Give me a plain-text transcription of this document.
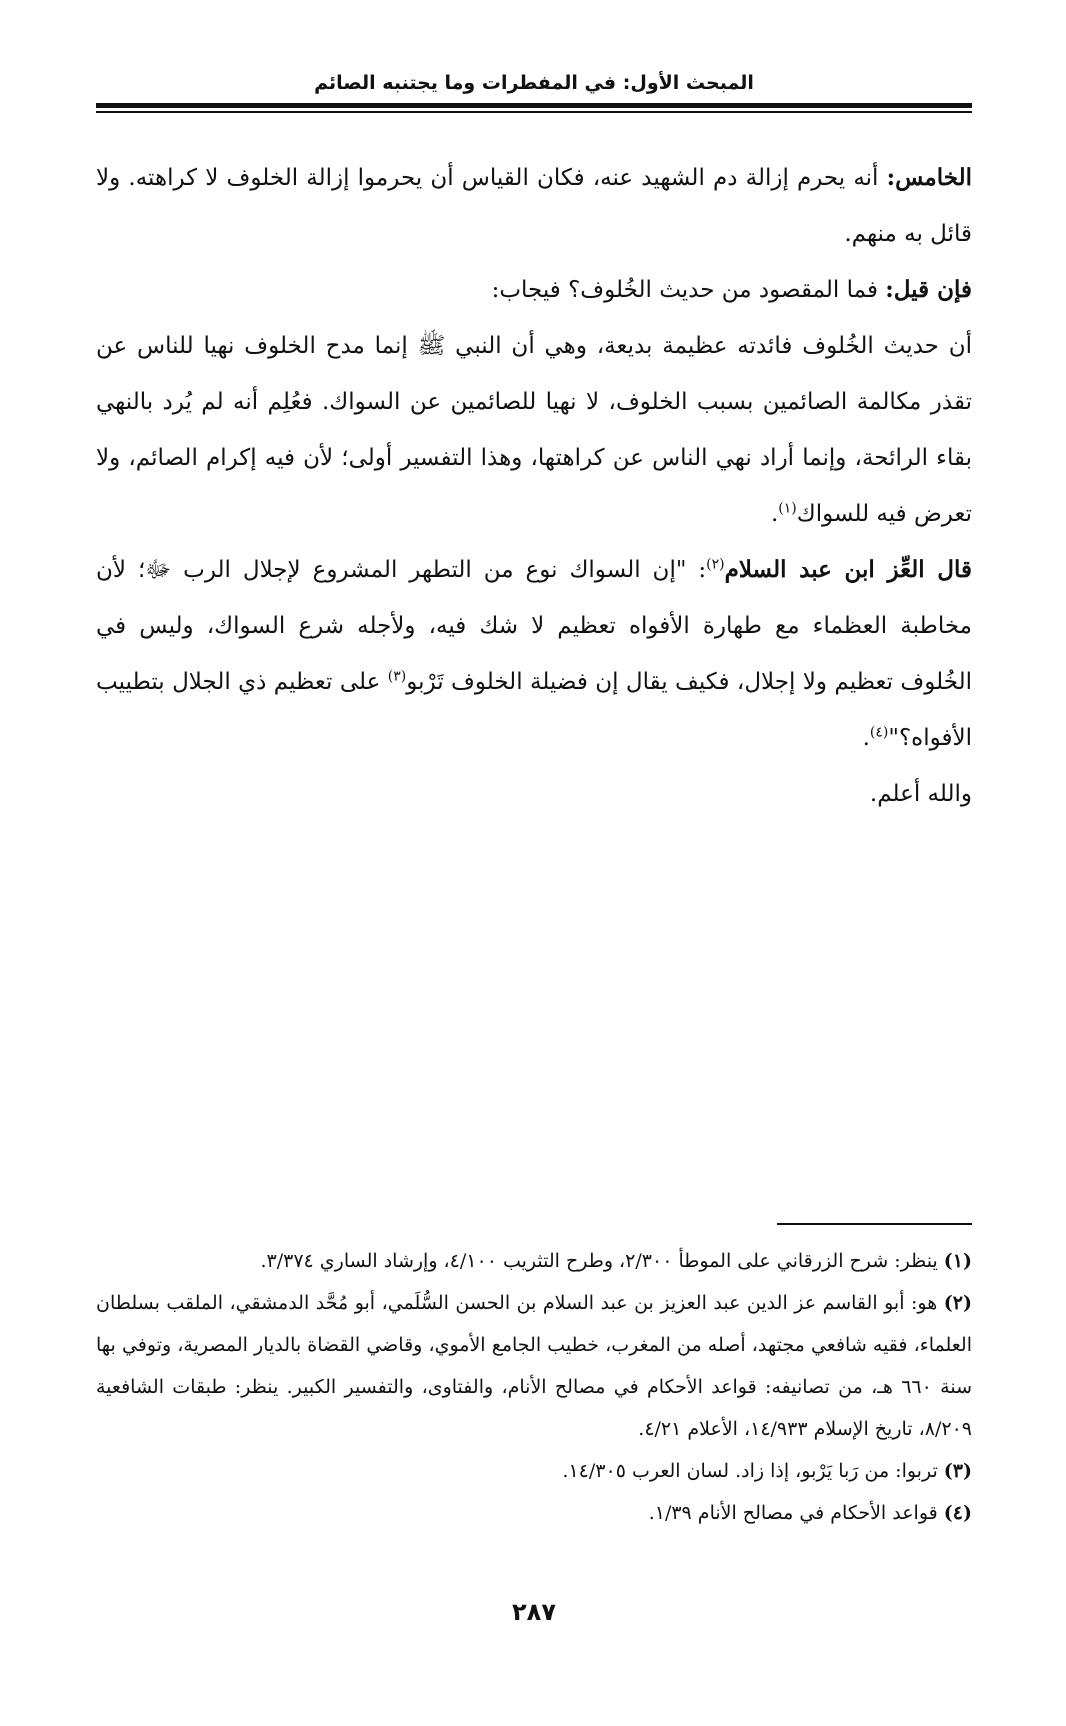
المبحث الأول: في المفطرات وما يجتنبه الصائم

الخامس: أنه يحرم إزالة دم الشهيد عنه، فكان القياس أن يحرموا إزالة الخلوف لا كراهته. ولا قائل به منهم.

فإن قيل: فما المقصود من حديث الخُلوف؟ فيجاب:

أن حديث الخُلوف فائدته عظيمة بديعة، وهي أن النبي ﷺ إنما مدح الخلوف نهيا للناس عن تقذر مكالمة الصائمين بسبب الخلوف، لا نهيا للصائمين عن السواك. فعُلِم أنه لم يُرد بالنهي بقاء الرائحة، وإنما أراد نهي الناس عن كراهتها، وهذا التفسير أولى؛ لأن فيه إكرام الصائم، ولا تعرض فيه للسواك$^{(١)}$.

قال العِّز ابن عبد السلام$^{(٢)}$: "إن السواك نوع من التطهر المشروع لإجلال الرب ﷻ؛ لأن مخاطبة العظماء مع طهارة الأفواه تعظيم لا شك فيه، ولأجله شرع السواك، وليس في الخُلوف تعظيم ولا إجلال، فكيف يقال إن فضيلة الخلوف تَرْبو$^{(٣)}$ على تعظيم ذي الجلال بتطييب الأفواه؟"$^{(٤)}$.

والله أعلم.

(١) ينظر: شرح الزرقاني على الموطأ ٢/٣٠٠، وطرح التثريب ٤/١٠٠، وإرشاد الساري ٣/٣٧٤.

(٢) هو: أبو القاسم عز الدين عبد العزيز بن عبد السلام بن الحسن السُّلَمي، أبو مُحَّد الدمشقي، الملقب بسلطان العلماء، فقيه شافعي مجتهد، أصله من المغرب، خطيب الجامع الأموي، وقاضي القضاة بالديار المصرية، وتوفي بها سنة ٦٦٠ هـ، من تصانيفه: قواعد الأحكام في مصالح الأنام، والفتاوى، والتفسير الكبير. ينظر: طبقات الشافعية ٨/٢٠٩، تاريخ الإسلام ١٤/٩٣٣، الأعلام ٤/٢١.

(٣) تربوا: من رَبا يَرْبو، إذا زاد. لسان العرب ١٤/٣٠٥.

(٤) قواعد الأحكام في مصالح الأنام ١/٣٩.

٢٨٧
